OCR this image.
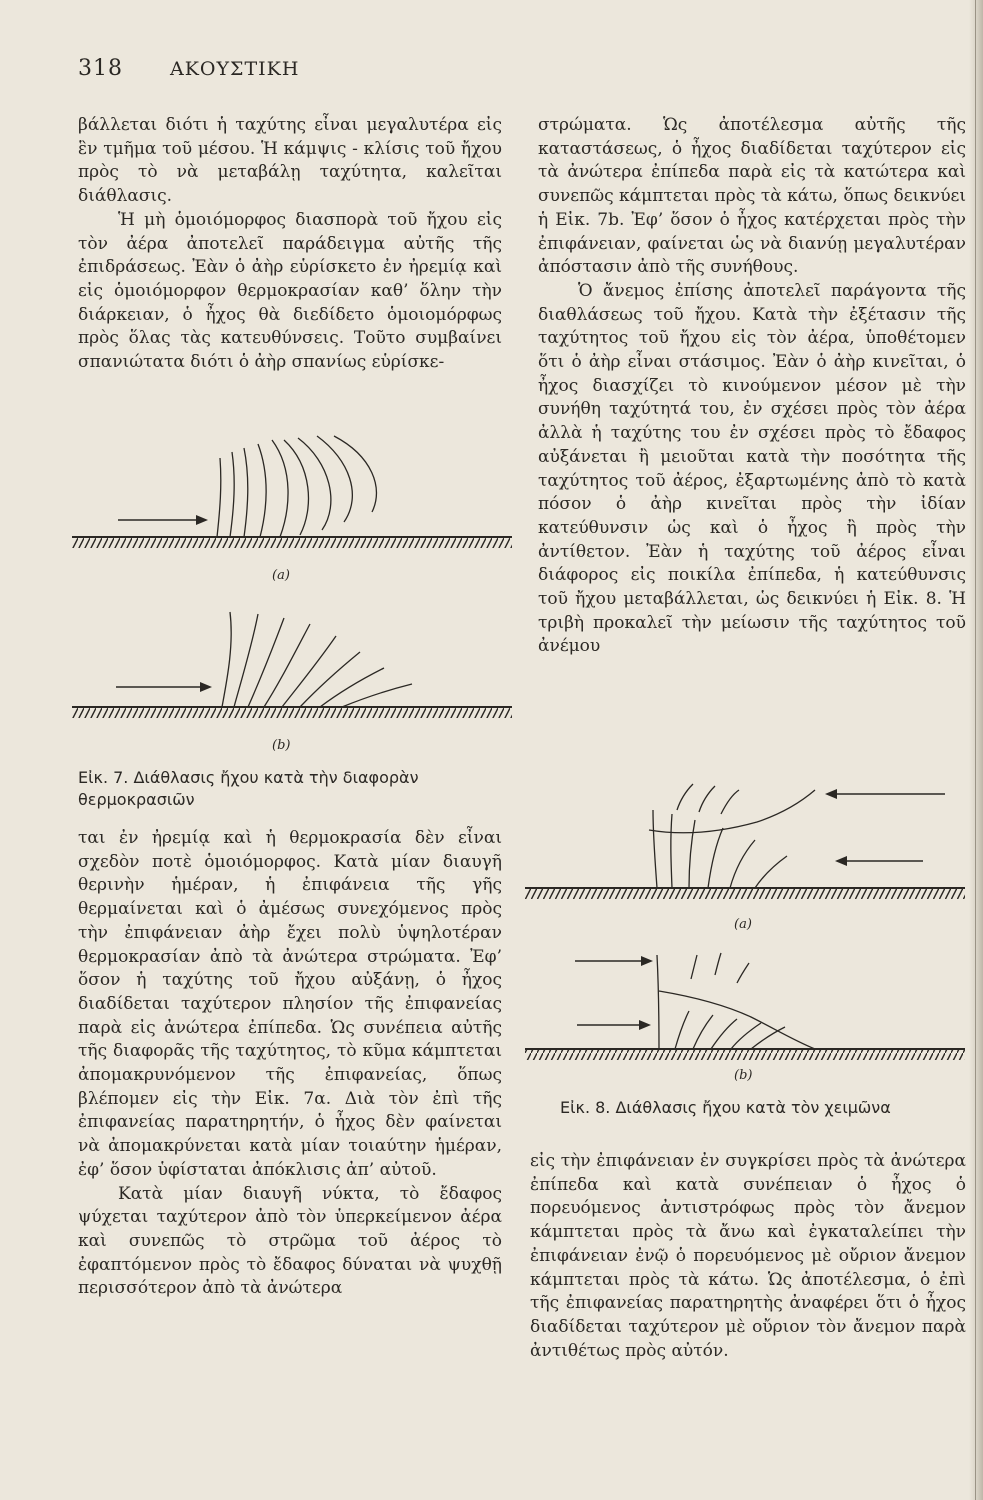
318 ΑΚΟΥΣΤΙΚΗ

βάλλεται διότι ἡ ταχύτης εἶναι μεγαλυτέρα εἰς ἓν τμῆμα τοῦ μέσου. Ἡ κάμψις - κλίσις τοῦ ἤχου πρὸς τὸ νὰ μεταβάλῃ ταχύτητα, καλεῖται διάθλασις.

Ἡ μὴ ὁμοιόμορφος διασπορὰ τοῦ ἤχου εἰς τὸν ἀέρα ἀποτελεῖ παράδειγμα αὐτῆς τῆς ἐπιδράσεως. Ἐὰν ὁ ἀὴρ εὑρίσκετο ἐν ἠρεμίᾳ καὶ εἰς ὁμοιόμορφον θερμοκρασίαν καθ’ ὅλην τὴν διάρκειαν, ὁ ἦχος θὰ διεδίδετο ὁμοιομόρφως πρὸς ὅλας τὰς κατευθύνσεις. Τοῦτο συμβαίνει σπανιώτατα διότι ὁ ἀὴρ σπανίως εὑρίσκε-

(a)
(b)
Εἰκ. 7. Διάθλασις ἤχου κατὰ τὴν διαφορὰν θερμοκρασιῶν

ται ἐν ἠρεμίᾳ καὶ ἡ θερμοκρασία δὲν εἶναι σχεδὸν ποτὲ ὁμοιόμορφος. Κατὰ μίαν διαυγῆ θερινὴν ἡμέραν, ἡ ἐπιφάνεια τῆς γῆς θερμαίνεται καὶ ὁ ἀμέσως συνεχόμενος πρὸς τὴν ἐπιφάνειαν ἀὴρ ἔχει πολὺ ὑψηλοτέραν θερμοκρασίαν ἀπὸ τὰ ἀνώτερα στρώματα. Ἐφ’ ὅσον ἡ ταχύτης τοῦ ἤχου αὐξάνῃ, ὁ ἦχος διαδίδεται ταχύτερον πλησίον τῆς ἐπιφανείας παρὰ εἰς ἀνώτερα ἐπίπεδα. Ὡς συνέπεια αὐτῆς τῆς διαφορᾶς τῆς ταχύτητος, τὸ κῦμα κάμπτεται ἀπομακρυνόμενον τῆς ἐπιφανείας, ὅπως βλέπομεν εἰς τὴν Εἰκ. 7α. Διὰ τὸν ἐπὶ τῆς ἐπιφανείας παρατηρητήν, ὁ ἦχος δὲν φαίνεται νὰ ἀπομακρύνεται κατὰ μίαν τοιαύτην ἡμέραν, ἐφ’ ὅσον ὑφίσταται ἀπόκλισις ἀπ’ αὐτοῦ.

Κατὰ μίαν διαυγῆ νύκτα, τὸ ἔδαφος ψύχεται ταχύτερον ἀπὸ τὸν ὑπερκείμενον ἀέρα καὶ συνεπῶς τὸ στρῶμα τοῦ ἀέρος τὸ ἐφαπτόμενον πρὸς τὸ ἔδαφος δύναται νὰ ψυχθῇ περισσότερον ἀπὸ τὰ ἀνώτερα

στρώματα. Ὡς ἀποτέλεσμα αὐτῆς τῆς καταστάσεως, ὁ ἦχος διαδίδεται ταχύτερον εἰς τὰ ἀνώτερα ἐπίπεδα παρὰ εἰς τὰ κατώτερα καὶ συνεπῶς κάμπτεται πρὸς τὰ κάτω, ὅπως δεικνύει ἡ Εἰκ. 7b. Ἐφ’ ὅσον ὁ ἦχος κατέρχεται πρὸς τὴν ἐπιφάνειαν, φαίνεται ὡς νὰ διανύῃ μεγαλυτέραν ἀπόστασιν ἀπὸ τῆς συνήθους.

Ὁ ἄνεμος ἐπίσης ἀποτελεῖ παράγοντα τῆς διαθλάσεως τοῦ ἤχου. Κατὰ τὴν ἐξέτασιν τῆς ταχύτητος τοῦ ἤχου εἰς τὸν ἀέρα, ὑποθέτομεν ὅτι ὁ ἀὴρ εἶναι στάσιμος. Ἐὰν ὁ ἀὴρ κινεῖται, ὁ ἦχος διασχίζει τὸ κινούμενον μέσον μὲ τὴν συνήθη ταχύτητά του, ἐν σχέσει πρὸς τὸν ἀέρα ἀλλὰ ἡ ταχύτης του ἐν σχέσει πρὸς τὸ ἔδαφος αὐξάνεται ἢ μειοῦται κατὰ τὴν ποσότητα τῆς ταχύτητος τοῦ ἀέρος, ἐξαρτωμένης ἀπὸ τὸ κατὰ πόσον ὁ ἀὴρ κινεῖται πρὸς τὴν ἰδίαν κατεύθυνσιν ὡς καὶ ὁ ἦχος ἢ πρὸς τὴν ἀντίθετον. Ἐὰν ἡ ταχύτης τοῦ ἀέρος εἶναι διάφορος εἰς ποικίλα ἐπίπεδα, ἡ κατεύθυνσις τοῦ ἤχου μεταβάλλεται, ὡς δεικνύει ἡ Εἰκ. 8. Ἡ τριβὴ προκαλεῖ τὴν μείωσιν τῆς ταχύτητος τοῦ ἀνέμου

(a)
(b)
Εἰκ. 8. Διάθλασις ἤχου κατὰ τὸν χειμῶνα

εἰς τὴν ἐπιφάνειαν ἐν συγκρίσει πρὸς τὰ ἀνώτερα ἐπίπεδα καὶ κατὰ συνέπειαν ὁ ἦχος ὁ πορευόμενος ἀντιστρόφως πρὸς τὸν ἄνεμον κάμπτεται πρὸς τὰ ἄνω καὶ ἐγκαταλείπει τὴν ἐπιφάνειαν ἐνῷ ὁ πορευόμενος μὲ οὔριον ἄνεμον κάμπτεται πρὸς τὰ κάτω. Ὡς ἀποτέλεσμα, ὁ ἐπὶ τῆς ἐπιφανείας παρατηρητὴς ἀναφέρει ὅτι ὁ ἦχος διαδίδεται ταχύτερον μὲ οὔριον τὸν ἄνεμον παρὰ ἀντιθέτως πρὸς αὐτόν.
